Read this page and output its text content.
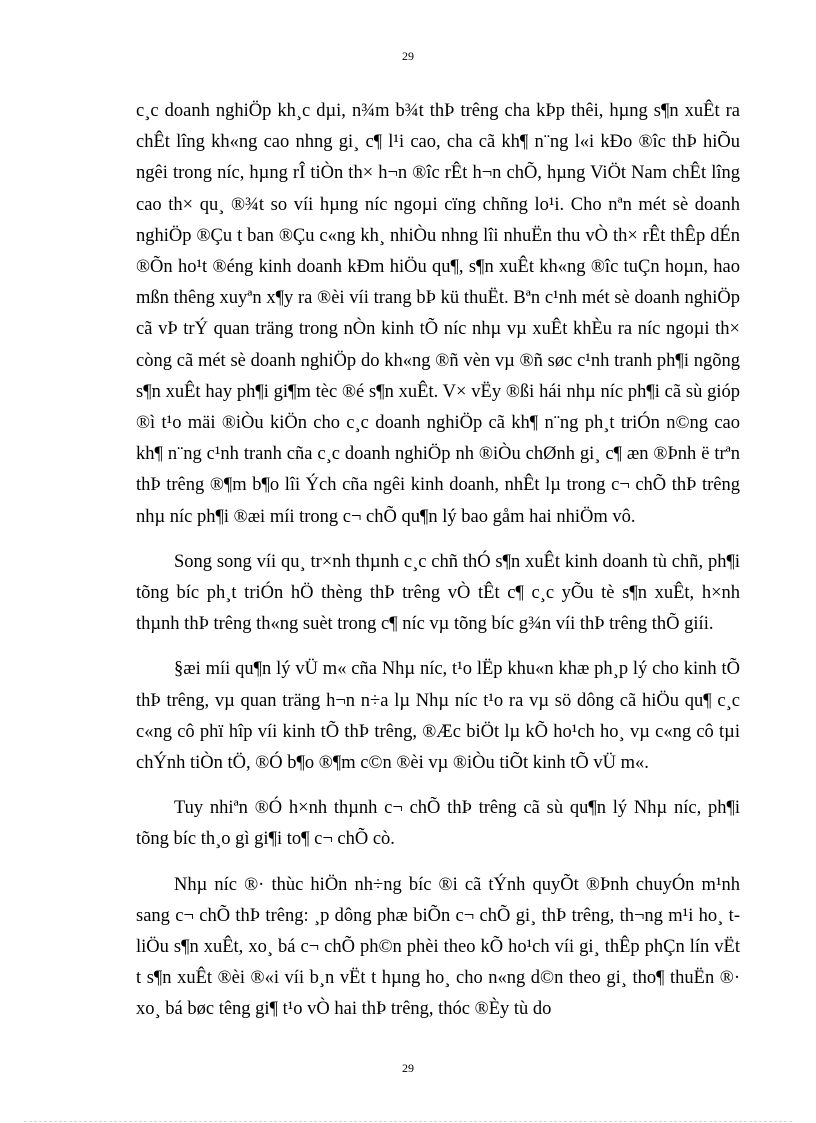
29

c¸c doanh nghiÖp kh¸c dµi, n¾m b¾t thÞ trêng cha kÞp thêi, hµng s¶n xuÊt ra chÊt lîng kh«ng cao nhng gi¸ c¶ l¹i cao, cha cã kh¶ n¨ng l«i kÐo ®îc thÞ hiÕu ngêi trong níc, hµng rÎ tiÒn th× h¬n ®îc rÊt h¬n chÕ, hµng ViÖt Nam chÊt lîng cao th× qu¸ ®¾t so víi hµng níc ngoµi cïng chñng lo¹i. Cho nªn mét sè doanh nghiÖp ®Çu t ban ®Çu c«ng kh¸ nhiÒu nhng lîi nhuËn thu vÒ th× rÊt thÊp dÉn ®Õn ho¹t ®éng kinh doanh kÐm hiÖu qu¶, s¶n xuÊt kh«ng ®îc tuÇn hoµn, hao mßn thêng xuyªn x¶y ra ®èi víi trang bÞ kü thuËt. Bªn c¹nh mét sè doanh nghiÖp cã vÞ trÝ quan träng trong nÒn kinh tÕ níc nhµ vµ xuÊt khÈu ra níc ngoµi th× còng cã mét sè doanh nghiÖp do kh«ng ®ñ vèn vµ ®ñ søc c¹nh tranh ph¶i ngõng s¶n xuÊt hay ph¶i gi¶m tèc ®é s¶n xuÊt. V× vËy ®ßi hái nhµ níc ph¶i cã sù gióp ®ì t¹o mäi ®iÒu kiÖn cho c¸c doanh nghiÖp cã kh¶ n¨ng ph¸t triÓn n©ng cao kh¶ n¨ng c¹nh tranh cña c¸c doanh nghiÖp nh ®iÒu chØnh gi¸ c¶ æn ®Þnh ë trªn thÞ trêng ®¶m b¶o lîi Ých cña ngêi kinh doanh, nhÊt lµ trong c¬ chÕ thÞ trêng nhµ níc ph¶i ®æi míi trong c¬ chÕ qu¶n lý bao gåm hai nhiÖm vô.

Song song víi qu¸ tr×nh thµnh c¸c chñ thÓ s¶n xuÊt kinh doanh tù chñ, ph¶i tõng bíc ph¸t triÓn hÖ thèng thÞ trêng vÒ tÊt c¶ c¸c yÕu tè s¶n xuÊt, h×nh thµnh thÞ trêng th«ng suèt trong c¶ níc vµ tõng bíc g¾n víi thÞ trêng thÕ giíi.

§æi míi qu¶n lý vÜ m« cña Nhµ níc, t¹o lËp khu«n khæ ph¸p lý cho kinh tÕ thÞ trêng, vµ quan träng h¬n n÷a lµ Nhµ níc t¹o ra vµ sö dông cã hiÖu qu¶ c¸c c«ng cô phï hîp víi kinh tÕ thÞ trêng, ®Æc biÖt lµ kÕ ho¹ch ho¸ vµ c«ng cô tµi chÝnh tiÒn tÖ, ®Ó b¶o ®¶m c©n ®èi vµ ®iÒu tiÕt kinh tÕ vÜ m«.

Tuy nhiªn ®Ó h×nh thµnh c¬ chÕ thÞ trêng cã sù qu¶n lý Nhµ níc, ph¶i tõng bíc th¸o gì gi¶i to¶ c¬ chÕ cò.

Nhµ níc ®· thùc hiÖn nh÷ng bíc ®i cã tÝnh quyÕt ®Þnh chuyÓn m¹nh sang c¬ chÕ thÞ trêng: ¸p dông phæ biÕn c¬ chÕ gi¸ thÞ trêng, th¬ng m¹i ho¸ t liÖu s¶n xuÊt, xo¸ bá c¬ chÕ ph©n phèi theo kÕ ho¹ch víi gi¸ thÊp phÇn lín vËt t s¶n xuÊt ®èi ®«i víi b¸n vËt t hµng ho¸ cho n«ng d©n theo gi¸ tho¶ thuËn ®· xo¸ bá bøc têng gi¶ t¹o vÒ hai thÞ trêng, thóc ®Èy tù do

29
